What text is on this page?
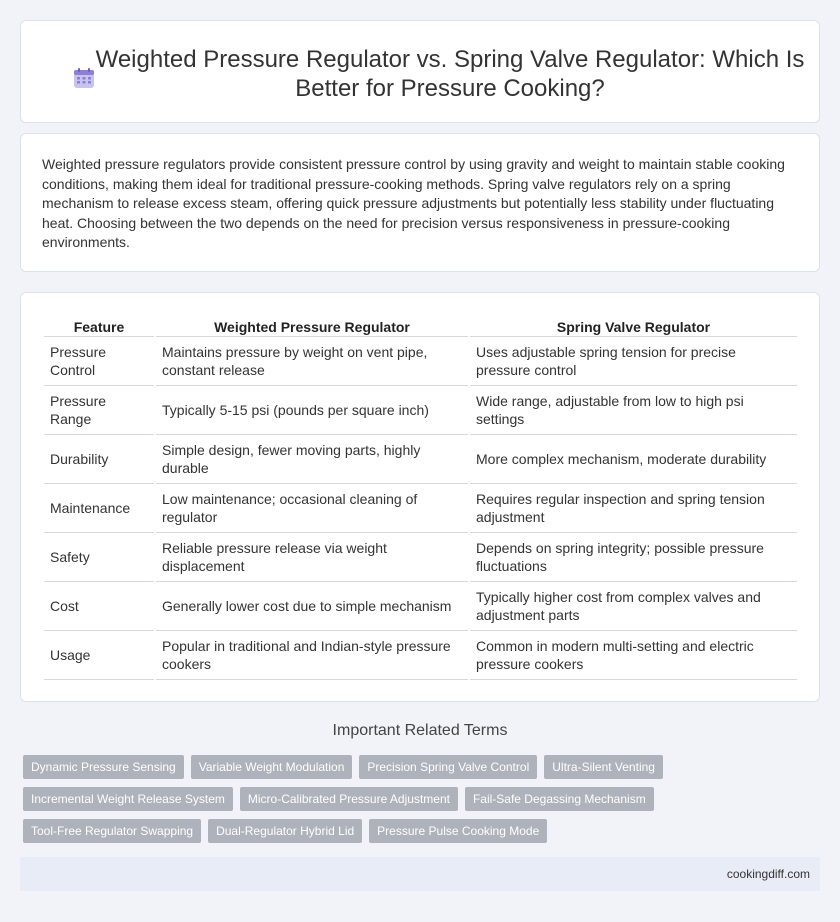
Weighted Pressure Regulator vs. Spring Valve Regulator: Which Is Better for Pressure Cooking?

Weighted pressure regulators provide consistent pressure control by using gravity and weight to maintain stable cooking conditions, making them ideal for traditional pressure-cooking methods. Spring valve regulators rely on a spring mechanism to release excess steam, offering quick pressure adjustments but potentially less stability under fluctuating heat. Choosing between the two depends on the need for precision versus responsiveness in pressure-cooking environments.

Feature	Weighted Pressure Regulator	Spring Valve Regulator
Pressure Control	Maintains pressure by weight on vent pipe, constant release	Uses adjustable spring tension for precise pressure control
Pressure Range	Typically 5-15 psi (pounds per square inch)	Wide range, adjustable from low to high psi settings
Durability	Simple design, fewer moving parts, highly durable	More complex mechanism, moderate durability
Maintenance	Low maintenance; occasional cleaning of regulator	Requires regular inspection and spring tension adjustment
Safety	Reliable pressure release via weight displacement	Depends on spring integrity; possible pressure fluctuations
Cost	Generally lower cost due to simple mechanism	Typically higher cost from complex valves and adjustment parts
Usage	Popular in traditional and Indian-style pressure cookers	Common in modern multi-setting and electric pressure cookers
Important Related Terms
Dynamic Pressure Sensing	Variable Weight Modulation	Precision Spring Valve Control	Ultra-Silent Venting
Incremental Weight Release System	Micro-Calibrated Pressure Adjustment	Fail-Safe Degassing Mechanism
Tool-Free Regulator Swapping	Dual-Regulator Hybrid Lid	Pressure Pulse Cooking Mode
cookingdiff.com
